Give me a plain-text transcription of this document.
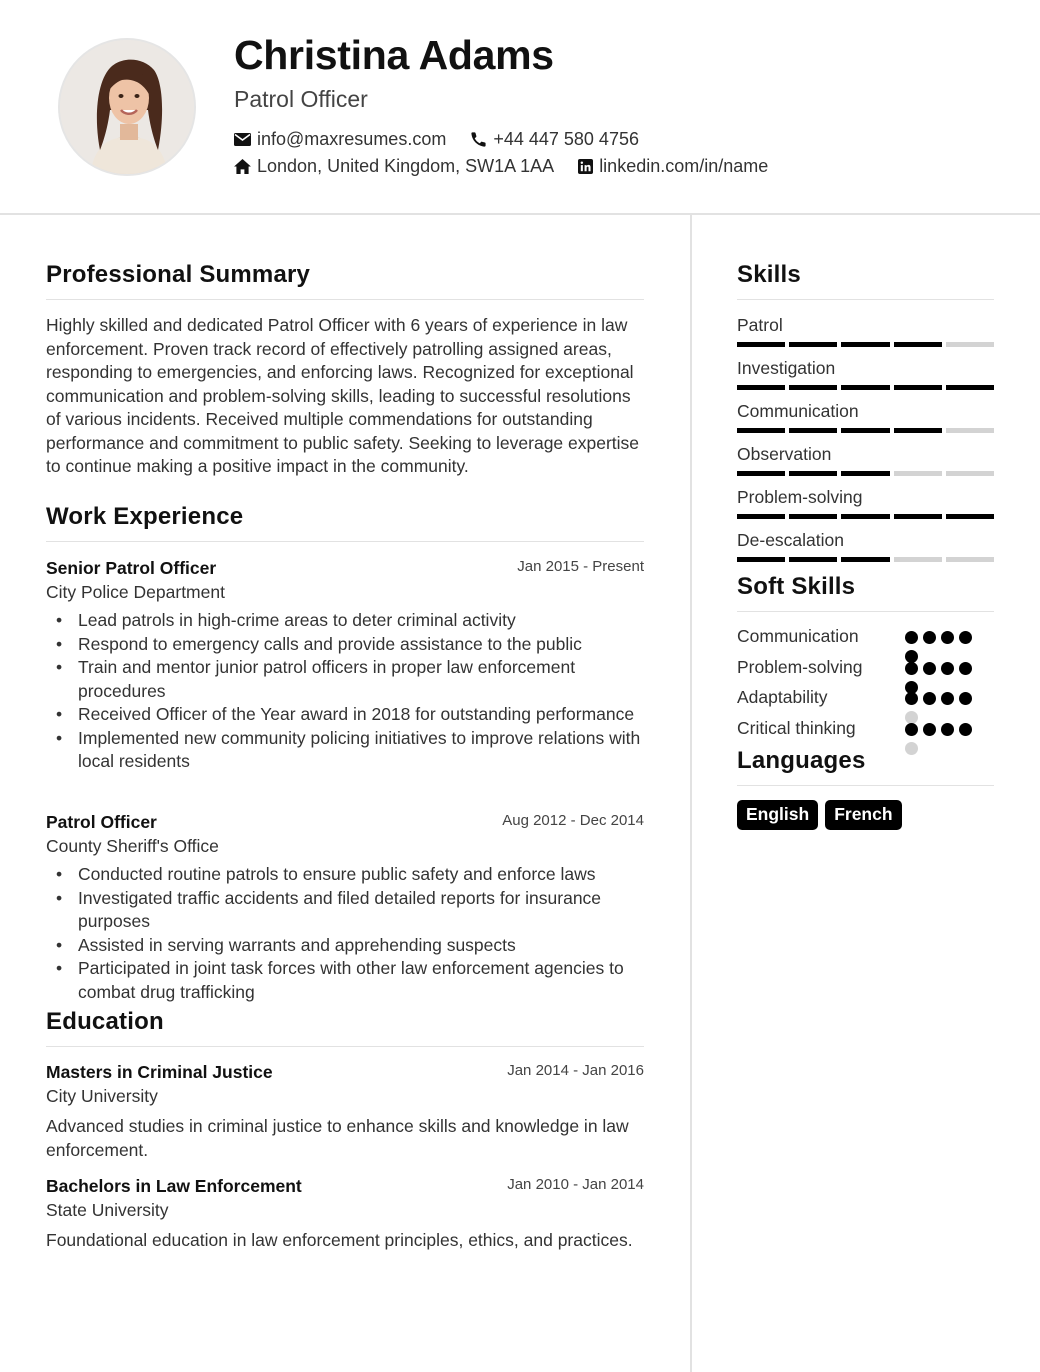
Christina Adams
Patrol Officer
info@maxresumes.com	+44 447 580 4756
London, United Kingdom, SW1A 1AA	linkedin.com/in/name
Professional Summary
Highly skilled and dedicated Patrol Officer with 6 years of experience in law enforcement. Proven track record of effectively patrolling assigned areas, responding to emergencies, and enforcing laws. Recognized for exceptional communication and problem-solving skills, leading to successful resolutions of various incidents. Received multiple commendations for outstanding performance and commitment to public safety. Seeking to leverage expertise to continue making a positive impact in the community.
Work Experience
Senior Patrol Officer	Jan 2015 - Present
City Police Department
• Lead patrols in high-crime areas to deter criminal activity
• Respond to emergency calls and provide assistance to the public
• Train and mentor junior patrol officers in proper law enforcement procedures
• Received Officer of the Year award in 2018 for outstanding performance
• Implemented new community policing initiatives to improve relations with local residents
Patrol Officer	Aug 2012 - Dec 2014
County Sheriff's Office
• Conducted routine patrols to ensure public safety and enforce laws
• Investigated traffic accidents and filed detailed reports for insurance purposes
• Assisted in serving warrants and apprehending suspects
• Participated in joint task forces with other law enforcement agencies to combat drug trafficking
Education
Masters in Criminal Justice	Jan 2014 - Jan 2016
City University
Advanced studies in criminal justice to enhance skills and knowledge in law enforcement.
Bachelors in Law Enforcement	Jan 2010 - Jan 2014
State University
Foundational education in law enforcement principles, ethics, and practices.
Skills
Patrol
Investigation
Communication
Observation
Problem-solving
De-escalation
Soft Skills
Communication
Problem-solving
Adaptability
Critical thinking
Languages
English	French
